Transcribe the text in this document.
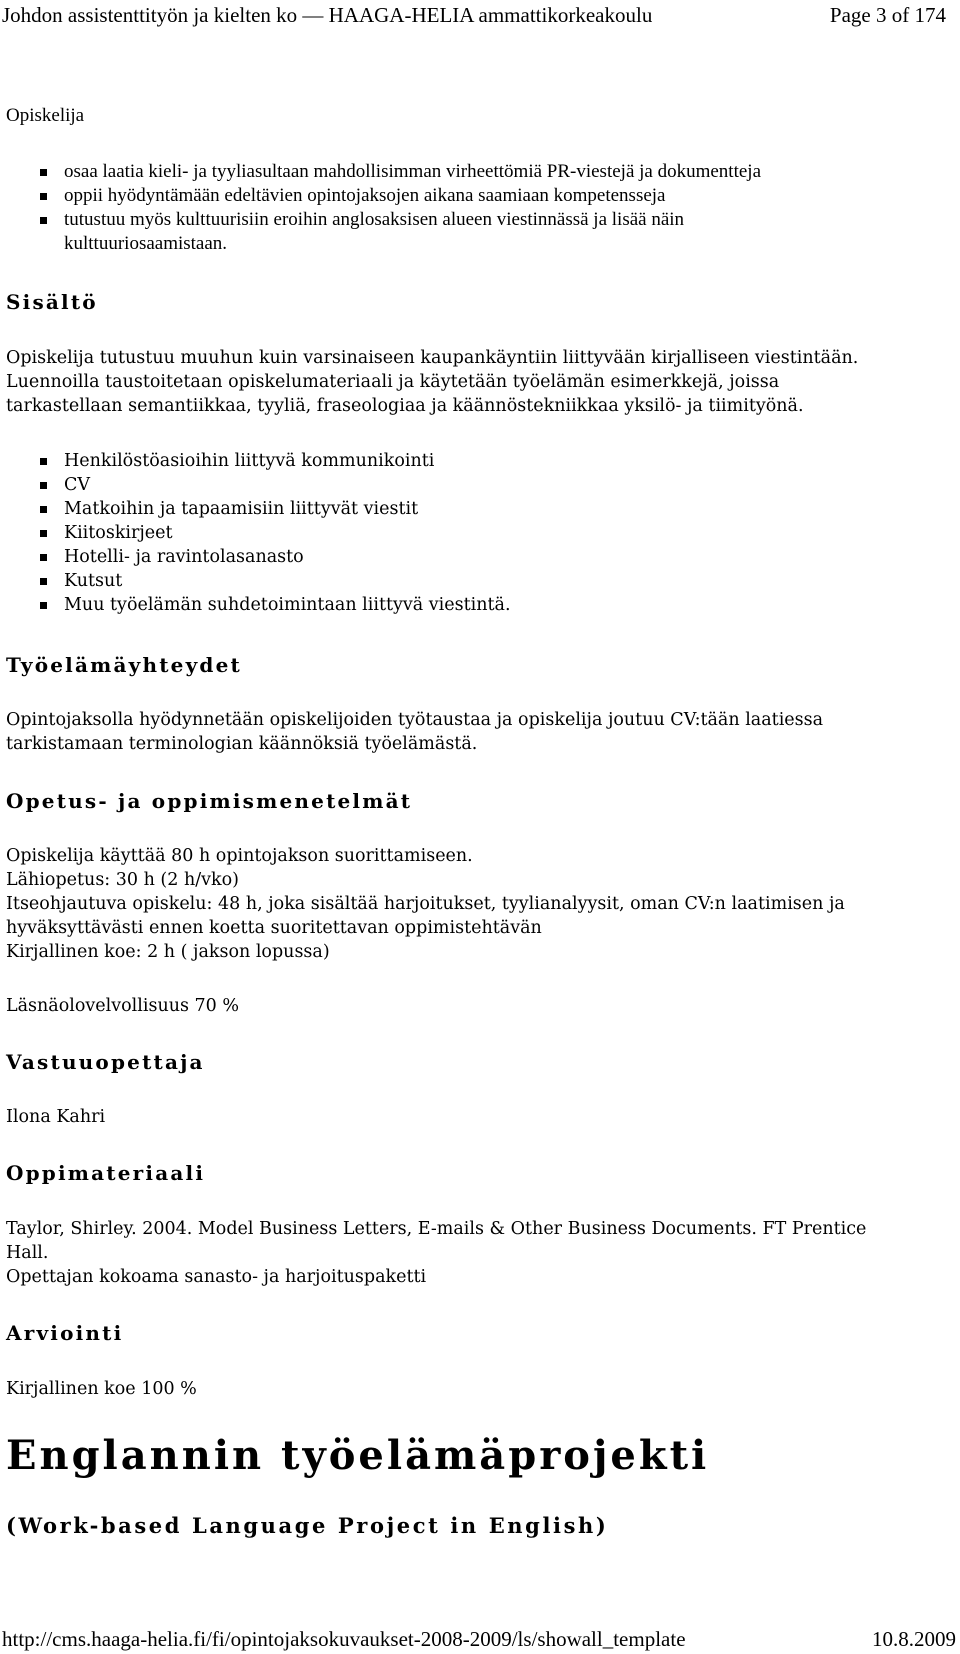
Johdon assistenttityön ja kielten ko — HAAGA-HELIA ammattikorkeakoulu	Page 3 of 174
Opiskelija
osaa laatia kieli- ja tyyliasultaan mahdollisimman virheettömiä PR-viestejä ja dokumentteja
oppii hyödyntämään edeltävien opintojaksojen aikana saamiaan kompetensseja
tutustuu myös kulttuurisiin eroihin anglosaksisen alueen viestinnässä ja lisää näin
kulttuuriosaamistaan.
Sisältö
Opiskelija tutustuu muuhun kuin varsinaiseen kaupankäyntiin liittyvään kirjalliseen viestintään.
Luennoilla taustoitetaan opiskelumateriaali ja käytetään työelämän esimerkkejä, joissa
tarkastellaan semantiikkaa, tyyliä, fraseologiaa ja käännöstekniikkaa yksilö- ja tiimityönä.
Henkilöstöasioihin liittyvä kommunikointi
CV
Matkoihin ja tapaamisiin liittyvät viestit
Kiitoskirjeet
Hotelli- ja ravintolasanasto
Kutsut
Muu työelämän suhdetoimintaan liittyvä viestintä.
Työelämäyhteydet
Opintojaksolla hyödynnetään opiskelijoiden työtaustaa ja opiskelija joutuu CV:tään laatiessa
tarkistamaan terminologian käännöksiä työelämästä.
Opetus- ja oppimismenetelmät
Opiskelija käyttää 80 h opintojakson suorittamiseen.
Lähiopetus: 30 h (2 h/vko)
Itseohjautuva opiskelu: 48 h, joka sisältää harjoitukset, tyylianalyysit, oman CV:n laatimisen ja
hyväksyttävästi ennen koetta suoritettavan oppimistehtävän
Kirjallinen koe: 2 h ( jakson lopussa)
Läsnäolovelvollisuus 70 %
Vastuuopettaja
Ilona Kahri
Oppimateriaali
Taylor, Shirley. 2004. Model Business Letters, E-mails & Other Business Documents. FT Prentice
Hall.
Opettajan kokoama sanasto- ja harjoituspaketti
Arviointi
Kirjallinen koe 100 %
Englannin työelämäprojekti
(Work-based Language Project in English)
http://cms.haaga-helia.fi/fi/opintojaksokuvaukset-2008-2009/ls/showall_template	10.8.2009
